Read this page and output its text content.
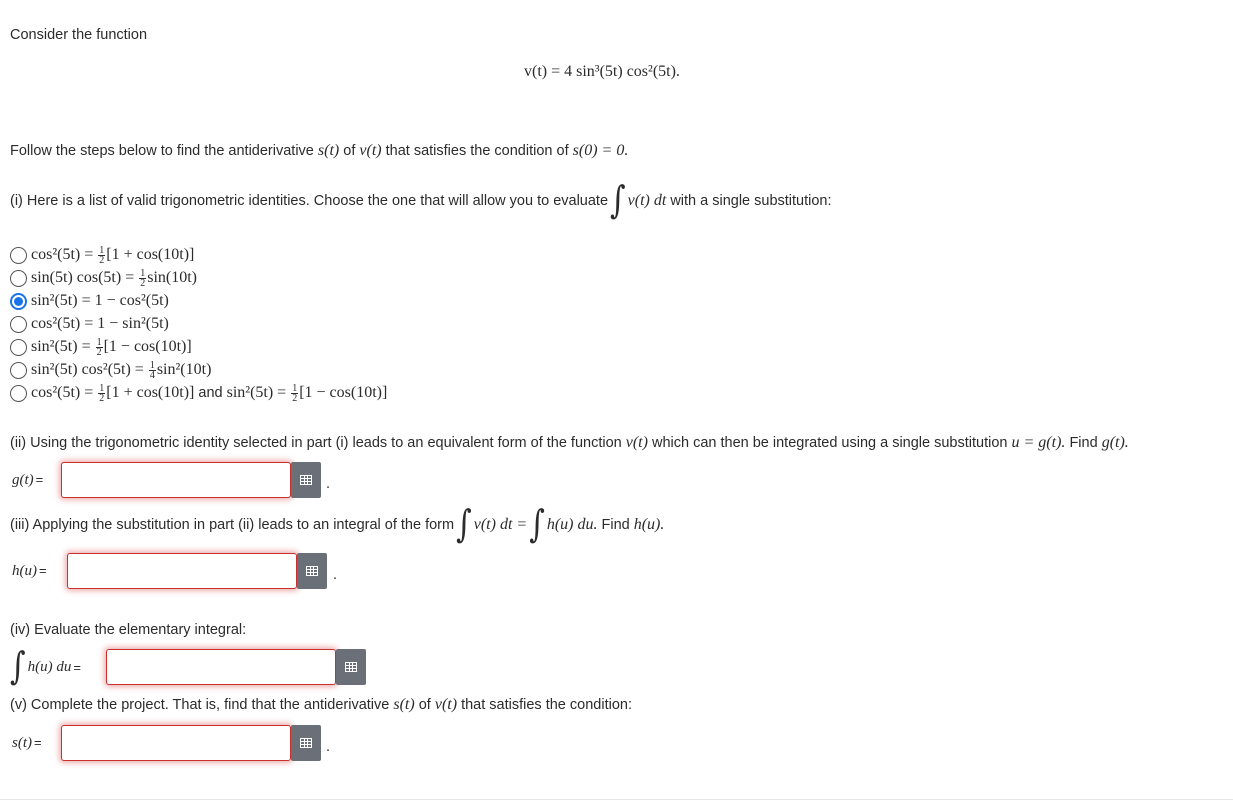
Consider the function
v(t) = 4 sin³(5t) cos²(5t).
Follow the steps below to find the antiderivative s(t) of v(t) that satisfies the condition of s(0) = 0.
(i) Here is a list of valid trigonometric identities. Choose the one that will allow you to evaluate ∫ v(t) dt with a single substitution:
$\cos^2(5t) = \frac{1}{2} [1 + \cos(10t)]$
sin(5t) $\cos(5t) = \frac{1}{2} \sin(10t)$
sin²(5t) = 1 − cos²(5t)
cos²(5t) = 1 − sin²(5t)
$\sin^2(5t) = \frac{1}{2} [1 - \cos(10t)]$
sin²(5t) $\cos^2(5t) = \frac{1}{4} \sin^2(10t)$
$\cos^2(5t) = \frac{1}{2} [1 + \cos(10t)]$ and $\sin^2(5t) = \frac{1}{2} [1 - \cos(10t)]$
(ii) Using the trigonometric identity selected in part (i) leads to an equivalent form of the function v(t) which can then be integrated using a single substitution u = g(t). Find g(t).
g(t) =	.
(iii) Applying the substitution in part (ii) leads to an integral of the form ∫ v(t) dt = ∫ h(u) du. Find h(u).
h(u) =	.
(iv) Evaluate the elementary integral:
∫ h(u) du =
(v) Complete the project. That is, find that the antiderivative s(t) of v(t) that satisfies the condition:
s(t) =	.
